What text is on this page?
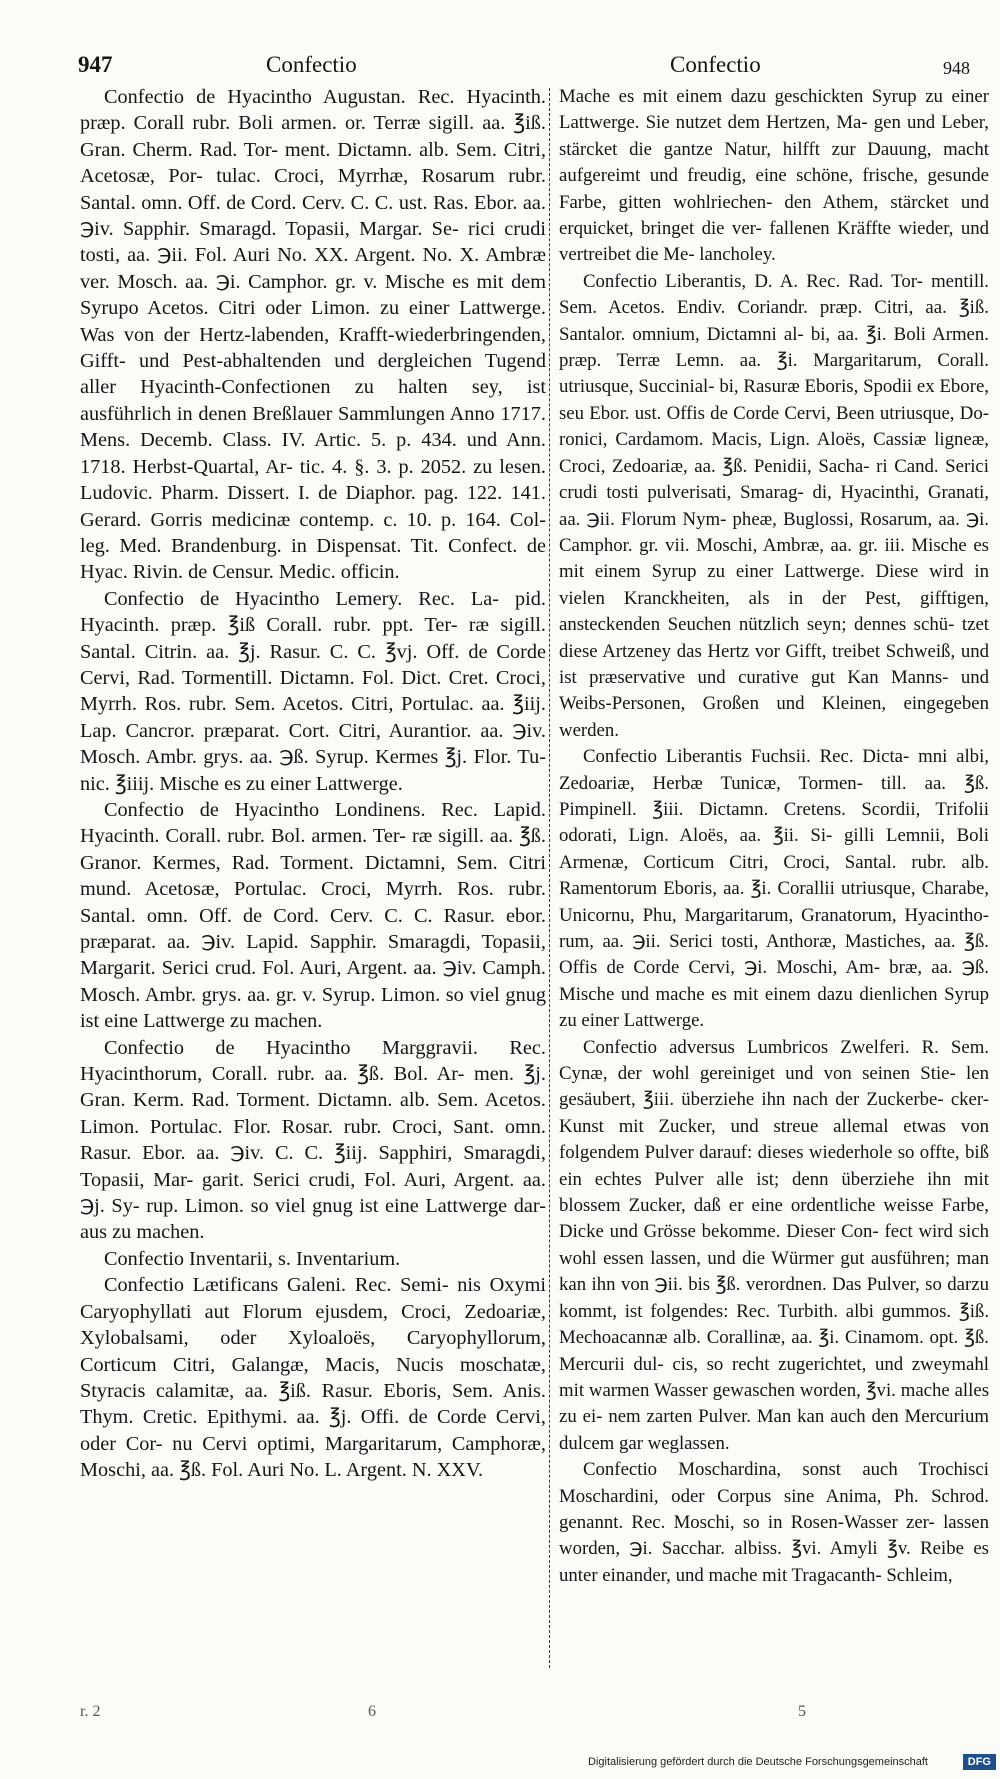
947	Confectio	Confectio	948

Confectio de Hyacintho Augustan. Rec. Hyacinth. præp. Corall rubr. Boli armen. or. Terræ sigill. aa. ℥iß. Gran. Cherm. Rad. Tor- ment. Dictamn. alb. Sem. Citri, Acetosæ, Por- tulac. Croci, Myrrhæ, Rosarum rubr. Santal. omn. Off. de Cord. Cerv. C. C. ust. Ras. Ebor. aa. ℈iv. Sapphir. Smaragd. Topasii, Margar. Se- rici crudi tosti, aa. ℈ii. Fol. Auri No. XX. Argent. No. X. Ambræ ver. Mosch. aa. ℈i. Camphor. gr. v. Mische es mit dem Syrupo Acetos. Citri oder Limon. zu einer Lattwerge. Was von der Hertz-labenden, Krafft-wiederbringenden, Gifft- und Pest-abhaltenden und dergleichen Tugend aller Hyacinth-Confectionen zu halten sey, ist ausführlich in denen Breßlauer Sammlungen Anno 1717. Mens. Decemb. Class. IV. Artic. 5. p. 434. und Ann. 1718. Herbst-Quartal, Ar- tic. 4. §. 3. p. 2052. zu lesen. Ludovic. Pharm. Dissert. I. de Diaphor. pag. 122. 141. Gerard. Gorris medicinæ contemp. c. 10. p. 164. Col- leg. Med. Brandenburg. in Dispensat. Tit. Confect. de Hyac. Rivin. de Censur. Medic. officin.

Confectio de Hyacintho Lemery. Rec. La- pid. Hyacinth. præp. ℥iß Corall. rubr. ppt. Ter- ræ sigill. Santal. Citrin. aa. ℥j. Rasur. C. C. ℥vj. Off. de Corde Cervi, Rad. Tormentill. Dictamn. Fol. Dict. Cret. Croci, Myrrh. Ros. rubr. Sem. Acetos. Citri, Portulac. aa. ℥iij. Lap. Cancror. præparat. Cort. Citri, Aurantior. aa. ℈iv. Mosch. Ambr. grys. aa. ℈ß. Syrup. Kermes ℥j. Flor. Tu- nic. ℥iiij. Mische es zu einer Lattwerge.

Confectio de Hyacintho Londinens. Rec. Lapid. Hyacinth. Corall. rubr. Bol. armen. Ter- ræ sigill. aa. ℥ß. Granor. Kermes, Rad. Torment. Dictamni, Sem. Citri mund. Acetosæ, Portulac. Croci, Myrrh. Ros. rubr. Santal. omn. Off. de Cord. Cerv. C. C. Rasur. ebor. præparat. aa. ℈iv. Lapid. Sapphir. Smaragdi, Topasii, Margarit. Serici crud. Fol. Auri, Argent. aa. ℈iv. Camph. Mosch. Ambr. grys. aa. gr. v. Syrup. Limon. so viel gnug ist eine Lattwerge zu machen.

Confectio de Hyacintho Marggravii. Rec. Hyacinthorum, Corall. rubr. aa. ℥ß. Bol. Ar- men. ℥j. Gran. Kerm. Rad. Torment. Dictamn. alb. Sem. Acetos. Limon. Portulac. Flor. Rosar. rubr. Croci, Sant. omn. Rasur. Ebor. aa. ℈iv. C. C. ℥iij. Sapphiri, Smaragdi, Topasii, Mar- garit. Serici crudi, Fol. Auri, Argent. aa. ℈j. Sy- rup. Limon. so viel gnug ist eine Lattwerge dar- aus zu machen.

Confectio Inventarii, s. Inventarium.

Confectio Lætificans Galeni. Rec. Semi- nis Oxymi Caryophyllati aut Florum ejusdem, Croci, Zedoariæ, Xylobalsami, oder Xyloaloës, Caryophyllorum, Corticum Citri, Galangæ, Macis, Nucis moschatæ, Styracis calamitæ, aa. ℥iß. Rasur. Eboris, Sem. Anis. Thym. Cretic. Epithymi. aa. ℥j. Offi. de Corde Cervi, oder Cor- nu Cervi optimi, Margaritarum, Camphoræ, Moschi, aa. ℥ß. Fol. Auri No. L. Argent. N. XXV.

Mache es mit einem dazu geschickten Syrup zu einer Lattwerge. Sie nutzet dem Hertzen, Ma- gen und Leber, stärcket die gantze Natur, hilfft zur Dauung, macht aufgereimt und freudig, eine schöne, frische, gesunde Farbe, gitten wohlriechen- den Athem, stärcket und erquicket, bringet die ver- fallenen Kräffte wieder, und vertreibet die Me- lancholey.

Confectio Liberantis, D. A. Rec. Rad. Tor- mentill. Sem. Acetos. Endiv. Coriandr. præp. Citri, aa. ℥iß. Santalor. omnium, Dictamni al- bi, aa. ℥i. Boli Armen. præp. Terræ Lemn. aa. ℥i. Margaritarum, Corall. utriusque, Succinial- bi, Rasuræ Eboris, Spodii ex Ebore, seu Ebor. ust. Offis de Corde Cervi, Been utriusque, Do- ronici, Cardamom. Macis, Lign. Aloës, Cassiæ ligneæ, Croci, Zedoariæ, aa. ℥ß. Penidii, Sacha- ri Cand. Serici crudi tosti pulverisati, Smarag- di, Hyacinthi, Granati, aa. ℈ii. Florum Nym- pheæ, Buglossi, Rosarum, aa. ℈i. Camphor. gr. vii. Moschi, Ambræ, aa. gr. iii. Mische es mit einem Syrup zu einer Lattwerge. Diese wird in vielen Kranckheiten, als in der Pest, gifftigen, ansteckenden Seuchen nützlich seyn; dennes schü- tzet diese Artzeney das Hertz vor Gifft, treibet Schweiß, und ist præservative und curative gut Kan Manns- und Weibs-Personen, Großen und Kleinen, eingegeben werden.

Confectio Liberantis Fuchsii. Rec. Dicta- mni albi, Zedoariæ, Herbæ Tunicæ, Tormen- till. aa. ℥ß. Pimpinell. ℥iii. Dictamn. Cretens. Scordii, Trifolii odorati, Lign. Aloës, aa. ℥ii. Si- gilli Lemnii, Boli Armenæ, Corticum Citri, Croci, Santal. rubr. alb. Ramentorum Eboris, aa. ℥i. Corallii utriusque, Charabe, Unicornu, Phu, Margaritarum, Granatorum, Hyacintho- rum, aa. ℈ii. Serici tosti, Anthoræ, Mastiches, aa. ℥ß. Offis de Corde Cervi, ℈i. Moschi, Am- bræ, aa. ℈ß. Mische und mache es mit einem dazu dienlichen Syrup zu einer Lattwerge.

Confectio adversus Lumbricos Zwelferi. R. Sem. Cynæ, der wohl gereiniget und von seinen Stie- len gesäubert, ℥iii. überziehe ihn nach der Zuckerbe- cker-Kunst mit Zucker, und streue allemal etwas von folgendem Pulver darauf: dieses wiederhole so offte, biß ein echtes Pulver alle ist; denn überziehe ihn mit blossem Zucker, daß er eine ordentliche weisse Farbe, Dicke und Grösse bekomme. Dieser Con- fect wird sich wohl essen lassen, und die Würmer gut ausführen; man kan ihn von ℈ii. bis ℥ß. verordnen. Das Pulver, so darzu kommt, ist folgendes: Rec. Turbith. albi gummos. ℥iß. Mechoacannæ alb. Corallinæ, aa. ℥i. Cinamom. opt. ℥ß. Mercurii dul- cis, so recht zugerichtet, und zweymahl mit warmen Wasser gewaschen worden, ℥vi. mache alles zu ei- nem zarten Pulver. Man kan auch den Mercurium dulcem gar weglassen.

Confectio Moschardina, sonst auch Trochisci Moschardini, oder Corpus sine Anima, Ph. Schrod. genannt. Rec. Moschi, so in Rosen-Wasser zer- lassen worden, ℈i. Sacchar. albiss. ℥vi. Amyli ℥v. Reibe es unter einander, und mache mit Tragacanth- Schleim,

r. 2	6	5
Digitalisierung gefördert durch die Deutsche Forschungsgemeinschaft	DFG
